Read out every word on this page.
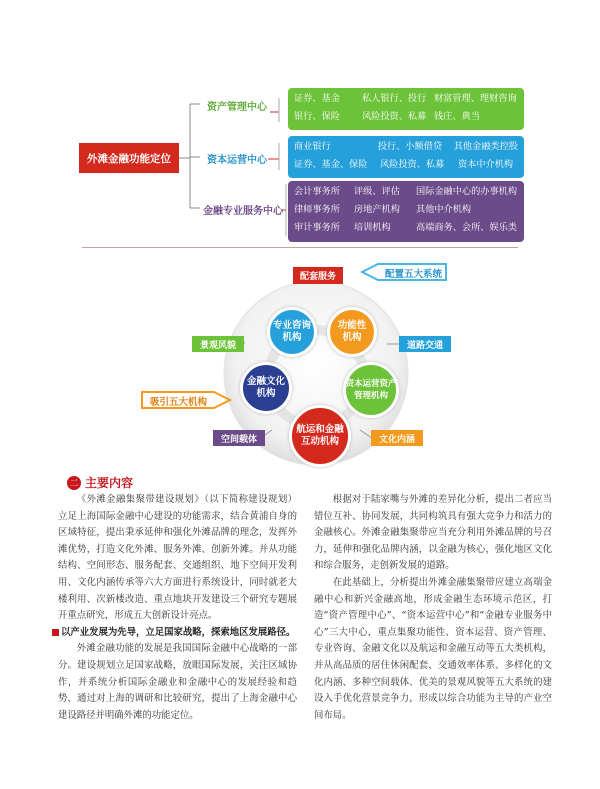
外滩金融功能定位
资产管理中心
资本运营中心
金融专业服务中心
证券、基金	私人银行、投行 财富管理、理财咨询
银行、保险	风险投资、私募 钱庄、典当
商业银行	投行、小额借贷	其他金融类控股
证券、基金、保险	风险投资、私募	资本中介机构
会计事务所	评级、评估	国际金融中心的办事机构
律师事务所	房地产机构	其他中介机构
审计事务所	培训机构	高端商务、会所、娱乐类
配套服务	配置五大系统
吸引五大机构
景观风貌	道路交通
空间载体	文化内涵
专业咨询
机构
功能性
机构
金融文化
机构
资本运营资产
管理机构
航运和金融
互动机构
二 主要内容

《外滩金融集聚带建设规划》（以下简称建设规划）立足上海国际金融中心建设的功能需求，结合黄浦自身的区域特征，提出秉承延伸和强化外滩品牌的理念，发挥外滩优势，打造文化外滩、服务外滩、创新外滩。并从功能结构、空间形态、服务配套、交通组织、地下空间开发利用、文化内涵传承等六大方面进行系统设计，同时就老大楼利用、次新楼改造、重点地块开发建设三个研究专题展开重点研究，形成五大创新设计亮点。

以产业发展为先导，立足国家战略，探索地区发展路径。

外滩金融功能的发展是我国国际金融中心战略的一部分。建设规划立足国家战略，放眼国际发展，关注区域协作，并系统分析国际金融业和金融中心的发展经验和趋势，通过对上海的调研和比较研究，提出了上海金融中心建设路径并明确外滩的功能定位。

根据对于陆家嘴与外滩的差异化分析，提出二者应当错位互补、协同发展，共同构筑具有强大竞争力和活力的金融核心。外滩金融集聚带应当充分利用外滩品牌的号召力，延伸和强化品牌内涵，以金融为核心，强化地区文化和综合服务，走创新发展的道路。

在此基础上，分析提出外滩金融集聚带应建立高端金融中心和新兴金融高地，形成金融生态环境示范区，打造“资产管理中心”、“资本运营中心”和“金融专业服务中心”三大中心，重点集聚功能性、资本运营、资产管理、专业咨询、金融文化以及航运和金融互动等五大类机构，并从高品质的居住休闲配套、交通效率体系、多样化的文化内涵、多种空间载体、优美的景观风貌等五大系统的建设入手优化营景竞争力，形成以综合功能为主导的产业空间布局。
